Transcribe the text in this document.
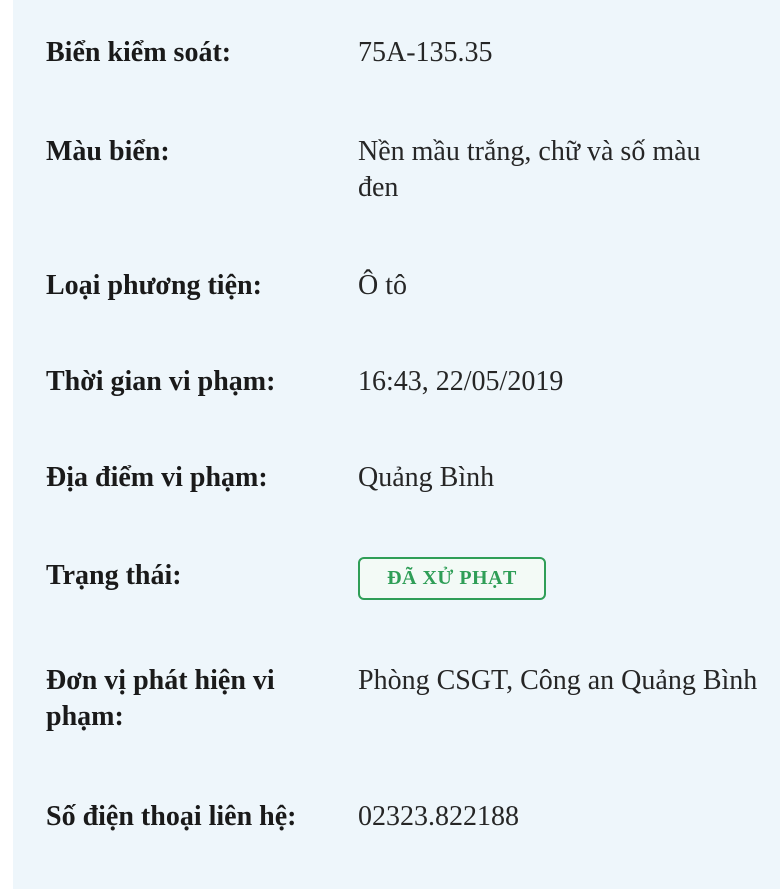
Biển kiểm soát:	75A-135.35
Màu biển:	Nền mầu trắng, chữ và số màu đen
Loại phương tiện:	Ô tô
Thời gian vi phạm:	16:43, 22/05/2019
Địa điểm vi phạm:	Quảng Bình
Trạng thái:	ĐÃ XỬ PHẠT
Đơn vị phát hiện vi phạm:
Phòng CSGT, Công an Quảng Bình
Số điện thoại liên hệ:	02323.822188
